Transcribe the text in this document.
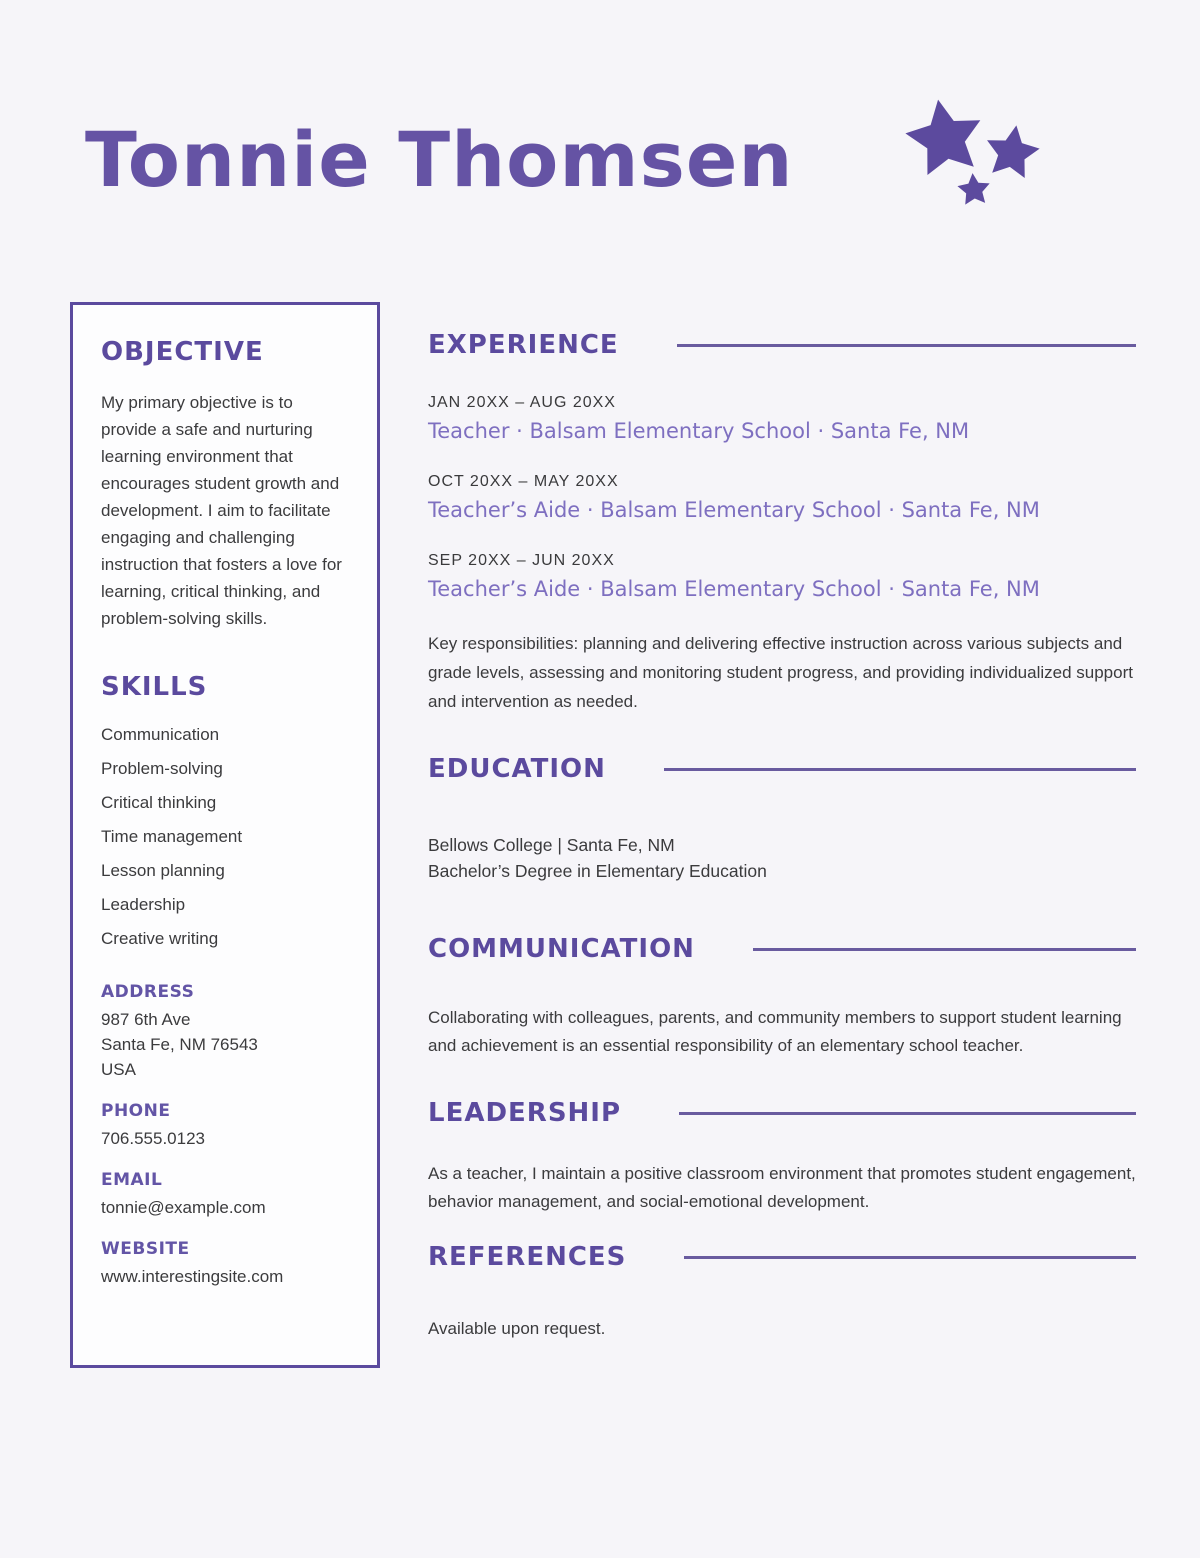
Tonnie Thomsen
OBJECTIVE

My primary objective is to provide a safe and nurturing learning environment that encourages student growth and development. I aim to facilitate engaging and challenging instruction that fosters a love for learning, critical thinking, and problem-solving skills.

SKILLS
Communication
Problem-solving
Critical thinking
Time management
Lesson planning
Leadership
Creative writing
ADDRESS
987 6th Ave
Santa Fe, NM 76543
USA
PHONE
706.555.0123
EMAIL
tonnie@example.com
WEBSITE
www.interestingsite.com
EXPERIENCE
JAN 20XX – AUG 20XX
Teacher · Balsam Elementary School · Santa Fe, NM
OCT 20XX – MAY 20XX
Teacher’s Aide · Balsam Elementary School · Santa Fe, NM
SEP 20XX – JUN 20XX
Teacher’s Aide · Balsam Elementary School · Santa Fe, NM

Key responsibilities: planning and delivering effective instruction across various subjects and grade levels, assessing and monitoring student progress, and providing individualized support and intervention as needed.

EDUCATION
Bellows College | Santa Fe, NM
Bachelor’s Degree in Elementary Education
COMMUNICATION

Collaborating with colleagues, parents, and community members to support student learning and achievement is an essential responsibility of an elementary school teacher.

LEADERSHIP

As a teacher, I maintain a positive classroom environment that promotes student engagement, behavior management, and social-emotional development.

REFERENCES

Available upon request.
